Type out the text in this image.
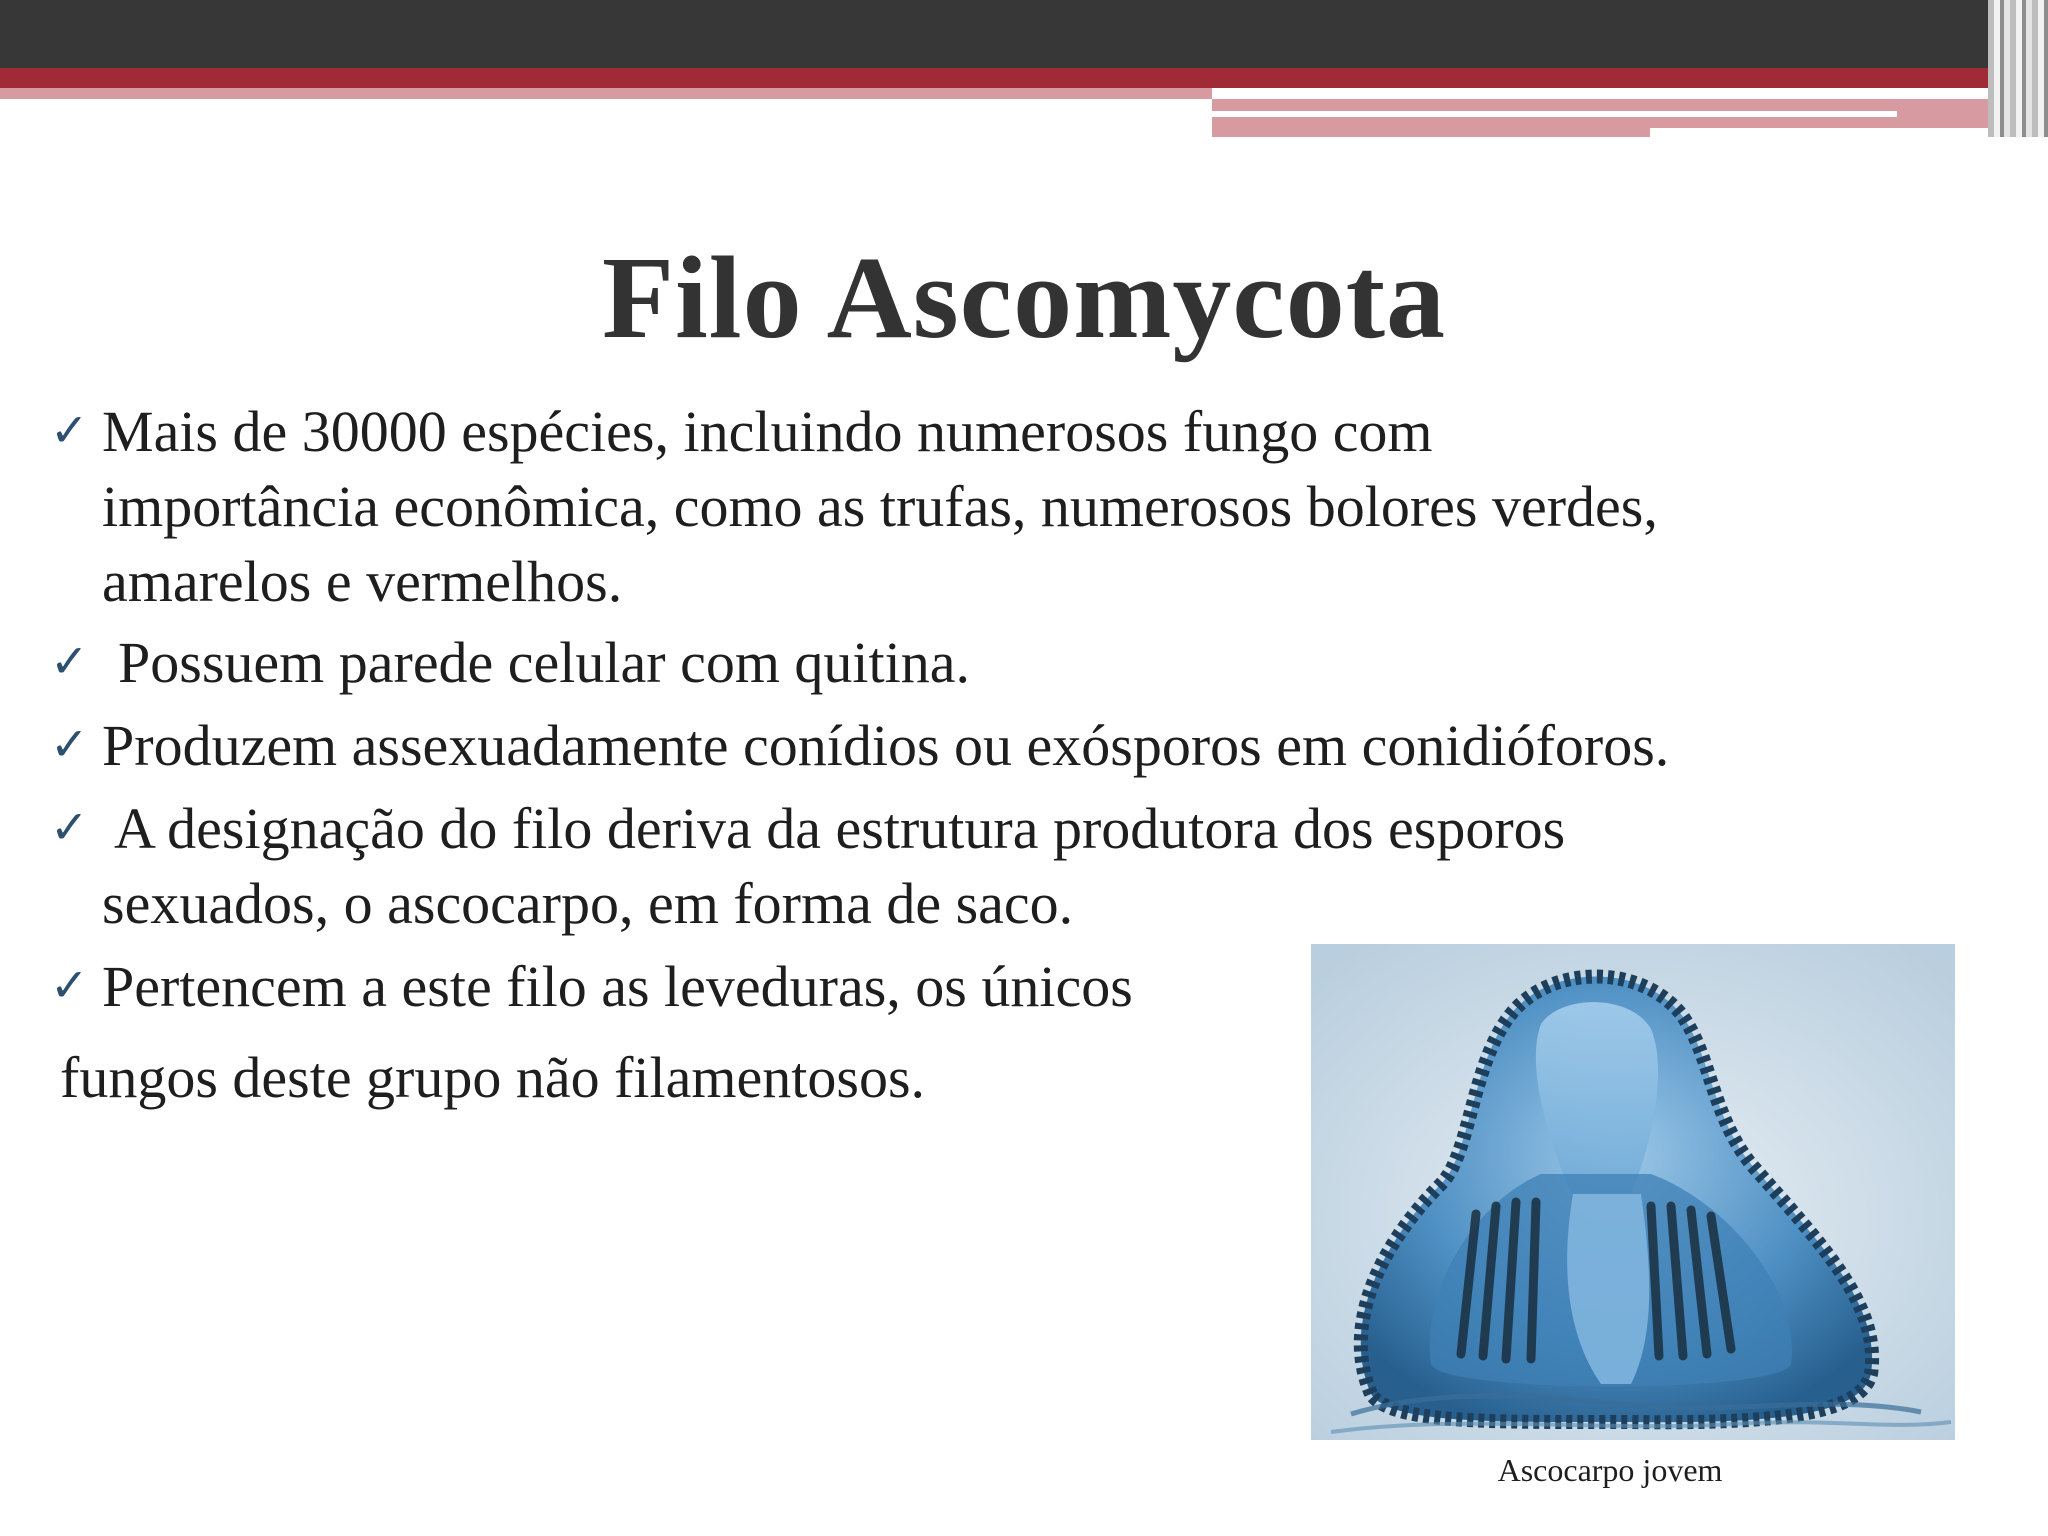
Filo Ascomycota
✓ Mais de 30000 espécies, incluindo numerosos fungo com
importância econômica, como as trufas, numerosos bolores verdes,
amarelos e vermelhos.
✓ Possuem parede celular com quitina.
✓ Produzem assexuadamente conídios ou exósporos em conidióforos.
✓ A designação do filo deriva da estrutura produtora dos esporos
sexuados, o ascocarpo, em forma de saco.
✓ Pertencem a este filo as leveduras, os únicos
fungos deste grupo não filamentosos.
Ascocarpo jovem
